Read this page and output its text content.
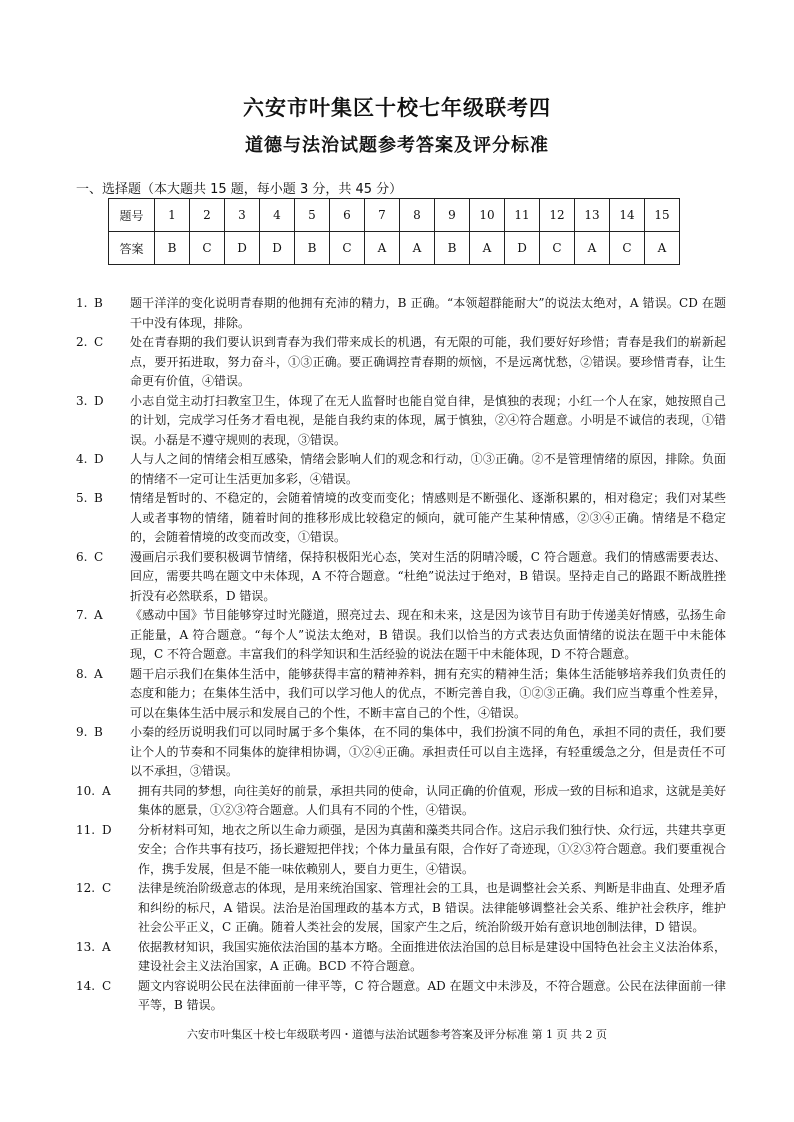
六安市叶集区十校七年级联考四
道德与法治试题参考答案及评分标准
一、选择题（本大题共 15 题，每小题 3 分，共 45 分）
题号	1	2	3	4	5	6	7	8	9	10	11	12	13	14	15
答案	B	C	D	D	B	C	A	A	B	A	D	C	A	C	A
1. B	题干洋洋的变化说明青春期的他拥有充沛的精力，B 正确。“本领超群能耐大”的说法太绝对，A 错误。CD 在题干中没有体现，排除。
2. C	处在青春期的我们要认识到青春为我们带来成长的机遇，有无限的可能，我们要好好珍惜；青春是我们的崭新起点，要开拓进取，努力奋斗，①③正确。要正确调控青春期的烦恼，不是远离忧愁，②错误。要珍惜青春，让生命更有价值，④错误。
3. D	小志自觉主动打扫教室卫生，体现了在无人监督时也能自觉自律，是慎独的表现；小红一个人在家，她按照自己的计划，完成学习任务才看电视，是能自我约束的体现，属于慎独，②④符合题意。小明是不诚信的表现，①错误。小磊是不遵守规则的表现，③错误。
4. D	人与人之间的情绪会相互感染，情绪会影响人们的观念和行动，①③正确。②不是管理情绪的原因，排除。负面的情绪不一定可让生活更加多彩，④错误。
5. B	情绪是暂时的、不稳定的，会随着情境的改变而变化；情感则是不断强化、逐渐积累的，相对稳定；我们对某些人或者事物的情绪，随着时间的推移形成比较稳定的倾向，就可能产生某种情感，②③④正确。情绪是不稳定的，会随着情境的改变而改变，①错误。
6. C	漫画启示我们要积极调节情绪，保持积极阳光心态，笑对生活的阴晴冷暖，C 符合题意。我们的情感需要表达、回应，需要共鸣在题文中未体现，A 不符合题意。“杜绝”说法过于绝对，B 错误。坚持走自己的路跟不断战胜挫折没有必然联系，D 错误。
7. A	《感动中国》节目能够穿过时光隧道，照亮过去、现在和未来，这是因为该节目有助于传递美好情感，弘扬生命正能量，A 符合题意。“每个人”说法太绝对，B 错误。我们以恰当的方式表达负面情绪的说法在题干中未能体现，C 不符合题意。丰富我们的科学知识和生活经验的说法在题干中未能体现，D 不符合题意。
8. A	题干启示我们在集体生活中，能够获得丰富的精神养料，拥有充实的精神生活；集体生活能够培养我们负责任的态度和能力；在集体生活中，我们可以学习他人的优点，不断完善自我，①②③正确。我们应当尊重个性差异，可以在集体生活中展示和发展自己的个性，不断丰富自己的个性，④错误。
9. B	小秦的经历说明我们可以同时属于多个集体，在不同的集体中，我们扮演不同的角色，承担不同的责任，我们要让个人的节奏和不同集体的旋律相协调，①②④正确。承担责任可以自主选择，有轻重缓急之分，但是责任不可以不承担，③错误。
10. A	拥有共同的梦想，向往美好的前景，承担共同的使命，认同正确的价值观，形成一致的目标和追求，这就是美好集体的愿景，①②③符合题意。人们具有不同的个性，④错误。
11. D	分析材料可知，地衣之所以生命力顽强，是因为真菌和藻类共同合作。这启示我们独行快、众行远，共建共享更安全；合作共事有技巧，扬长避短把伴找；个体力量虽有限，合作好了奇迹现，①②③符合题意。我们要重视合作，携手发展，但是不能一味依赖别人，要自力更生，④错误。
12. C	法律是统治阶级意志的体现，是用来统治国家、管理社会的工具，也是调整社会关系、判断是非曲直、处理矛盾和纠纷的标尺，A 错误。法治是治国理政的基本方式，B 错误。法律能够调整社会关系、维护社会秩序，维护社会公平正义，C 正确。随着人类社会的发展，国家产生之后，统治阶级开始有意识地创制法律，D 错误。
13. A	依据教材知识，我国实施依法治国的基本方略。全面推进依法治国的总目标是建设中国特色社会主义法治体系，建设社会主义法治国家，A 正确。BCD 不符合题意。
14. C	题文内容说明公民在法律面前一律平等，C 符合题意。AD 在题文中未涉及，不符合题意。公民在法律面前一律平等，B 错误。
六安市叶集区十校七年级联考四・道德与法治试题参考答案及评分标准 第 1 页 共 2 页
